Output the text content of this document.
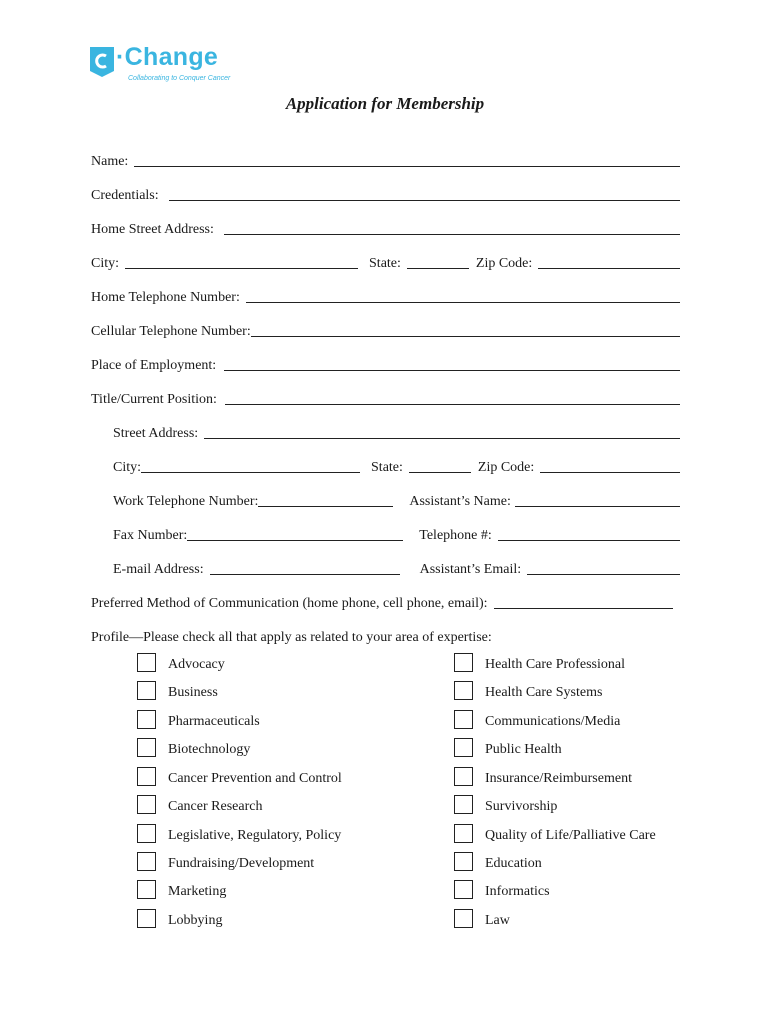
·Change
Collaborating to Conquer Cancer
Application for Membership
Name:
Credentials:
Home Street Address:
City:	State:	Zip Code:
Home Telephone Number:
Cellular Telephone Number:
Place of Employment:
Title/Current Position:
Street Address:
City:	State:	Zip Code:
Work Telephone Number:	Assistant’s Name:
Fax Number:	Telephone #:
E-mail Address:	Assistant’s Email:
Preferred Method of Communication (home phone, cell phone, email):
Profile—Please check all that apply as related to your area of expertise:
Advocacy
Business
Pharmaceuticals
Biotechnology
Cancer Prevention and Control
Cancer Research
Legislative, Regulatory, Policy
Fundraising/Development
Marketing
Lobbying
Health Care Professional
Health Care Systems
Communications/Media
Public Health
Insurance/Reimbursement
Survivorship
Quality of Life/Palliative Care
Education
Informatics
Law
